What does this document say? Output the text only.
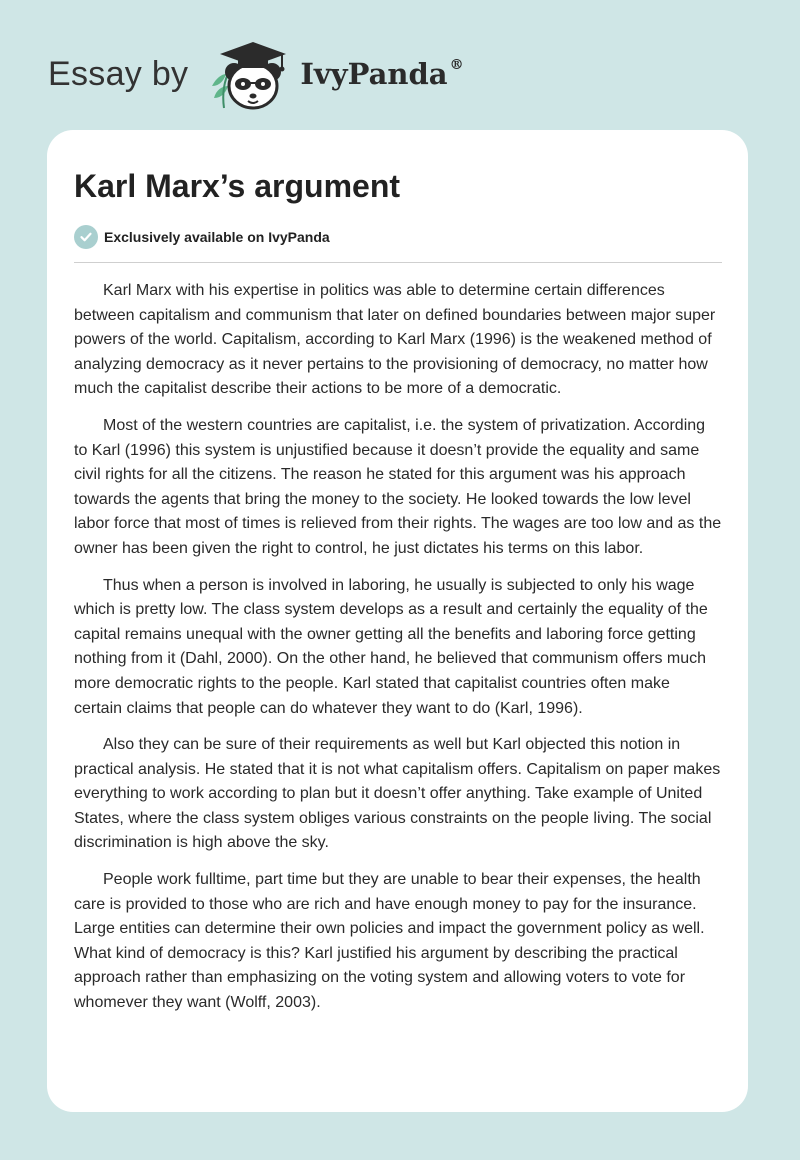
Essay by	IvyPanda ®
Karl Marx’s argument
Exclusively available on IvyPanda

Karl Marx with his expertise in politics was able to determine certain differences between capitalism and communism that later on defined boundaries between major super powers of the world. Capitalism, according to Karl Marx (1996) is the weakened method of analyzing democracy as it never pertains to the provisioning of democracy, no matter how much the capitalist describe their actions to be more of a democratic.

Most of the western countries are capitalist, i.e. the system of privatization. According to Karl (1996) this system is unjustified because it doesn’t provide the equality and same civil rights for all the citizens. The reason he stated for this argument was his approach towards the agents that bring the money to the society. He looked towards the low level labor force that most of times is relieved from their rights. The wages are too low and as the owner has been given the right to control, he just dictates his terms on this labor.

Thus when a person is involved in laboring, he usually is subjected to only his wage which is pretty low. The class system develops as a result and certainly the equality of the capital remains unequal with the owner getting all the benefits and laboring force getting nothing from it (Dahl, 2000). On the other hand, he believed that communism offers much more democratic rights to the people. Karl stated that capitalist countries often make certain claims that people can do whatever they want to do (Karl, 1996).

Also they can be sure of their requirements as well but Karl objected this notion in practical analysis. He stated that it is not what capitalism offers. Capitalism on paper makes everything to work according to plan but it doesn’t offer anything. Take example of United States, where the class system obliges various constraints on the people living. The social discrimination is high above the sky.

People work fulltime, part time but they are unable to bear their expenses, the health care is provided to those who are rich and have enough money to pay for the insurance. Large entities can determine their own policies and impact the government policy as well. What kind of democracy is this? Karl justified his argument by describing the practical approach rather than emphasizing on the voting system and allowing voters to vote for whomever they want (Wolff, 2003).
